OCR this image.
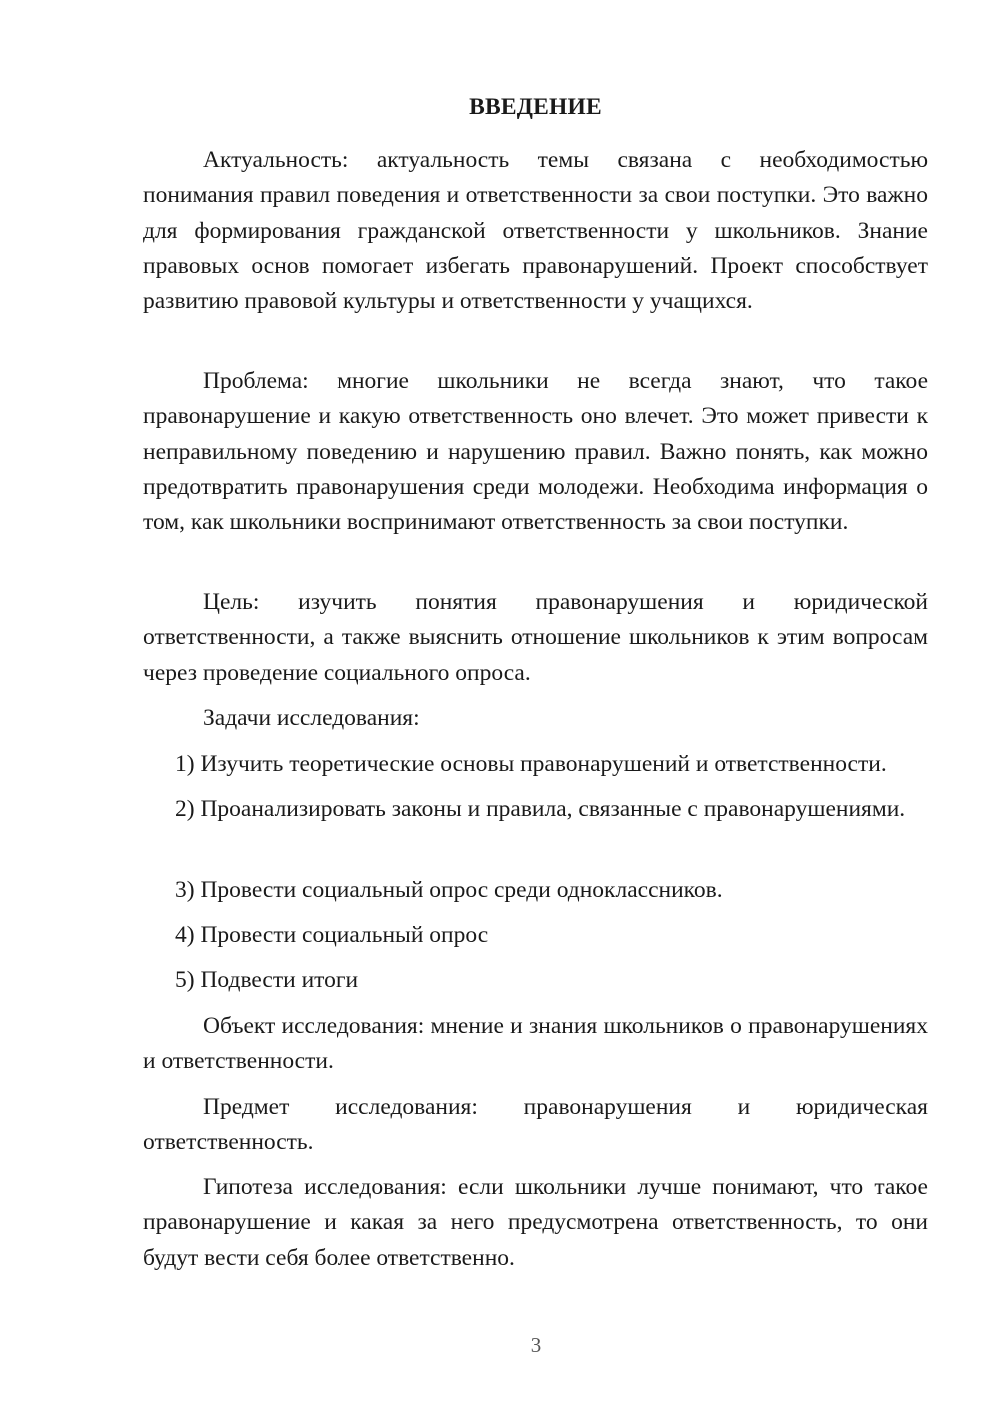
ВВЕДЕНИЕ

Актуальность: актуальность темы связана с необходимостью понимания правил поведения и ответственности за свои поступки. Это важно для формирования гражданской ответственности у школьников. Знание правовых основ помогает избегать правонарушений. Проект способствует развитию правовой культуры и ответственности у учащихся.

Проблема: многие школьники не всегда знают, что такое правонарушение и какую ответственность оно влечет. Это может привести к неправильному поведению и нарушению правил. Важно понять, как можно предотвратить правонарушения среди молодежи. Необходима информация о том, как школьники воспринимают ответственность за свои поступки.

Цель: изучить понятия правонарушения и юридической ответственности, а также выяснить отношение школьников к этим вопросам через проведение социального опроса.

Задачи исследования:

1) Изучить теоретические основы правонарушений и ответственности.

2) Проанализировать законы и правила, связанные с правонарушениями.

3) Провести социальный опрос среди одноклассников.

4) Провести социальный опрос

5) Подвести итоги

Объект исследования: мнение и знания школьников о правонарушениях и ответственности.

Предмет исследования: правонарушения и юридическая ответственность.

Гипотеза исследования: если школьники лучше понимают, что такое правонарушение и какая за него предусмотрена ответственность, то они будут вести себя более ответственно.

3
